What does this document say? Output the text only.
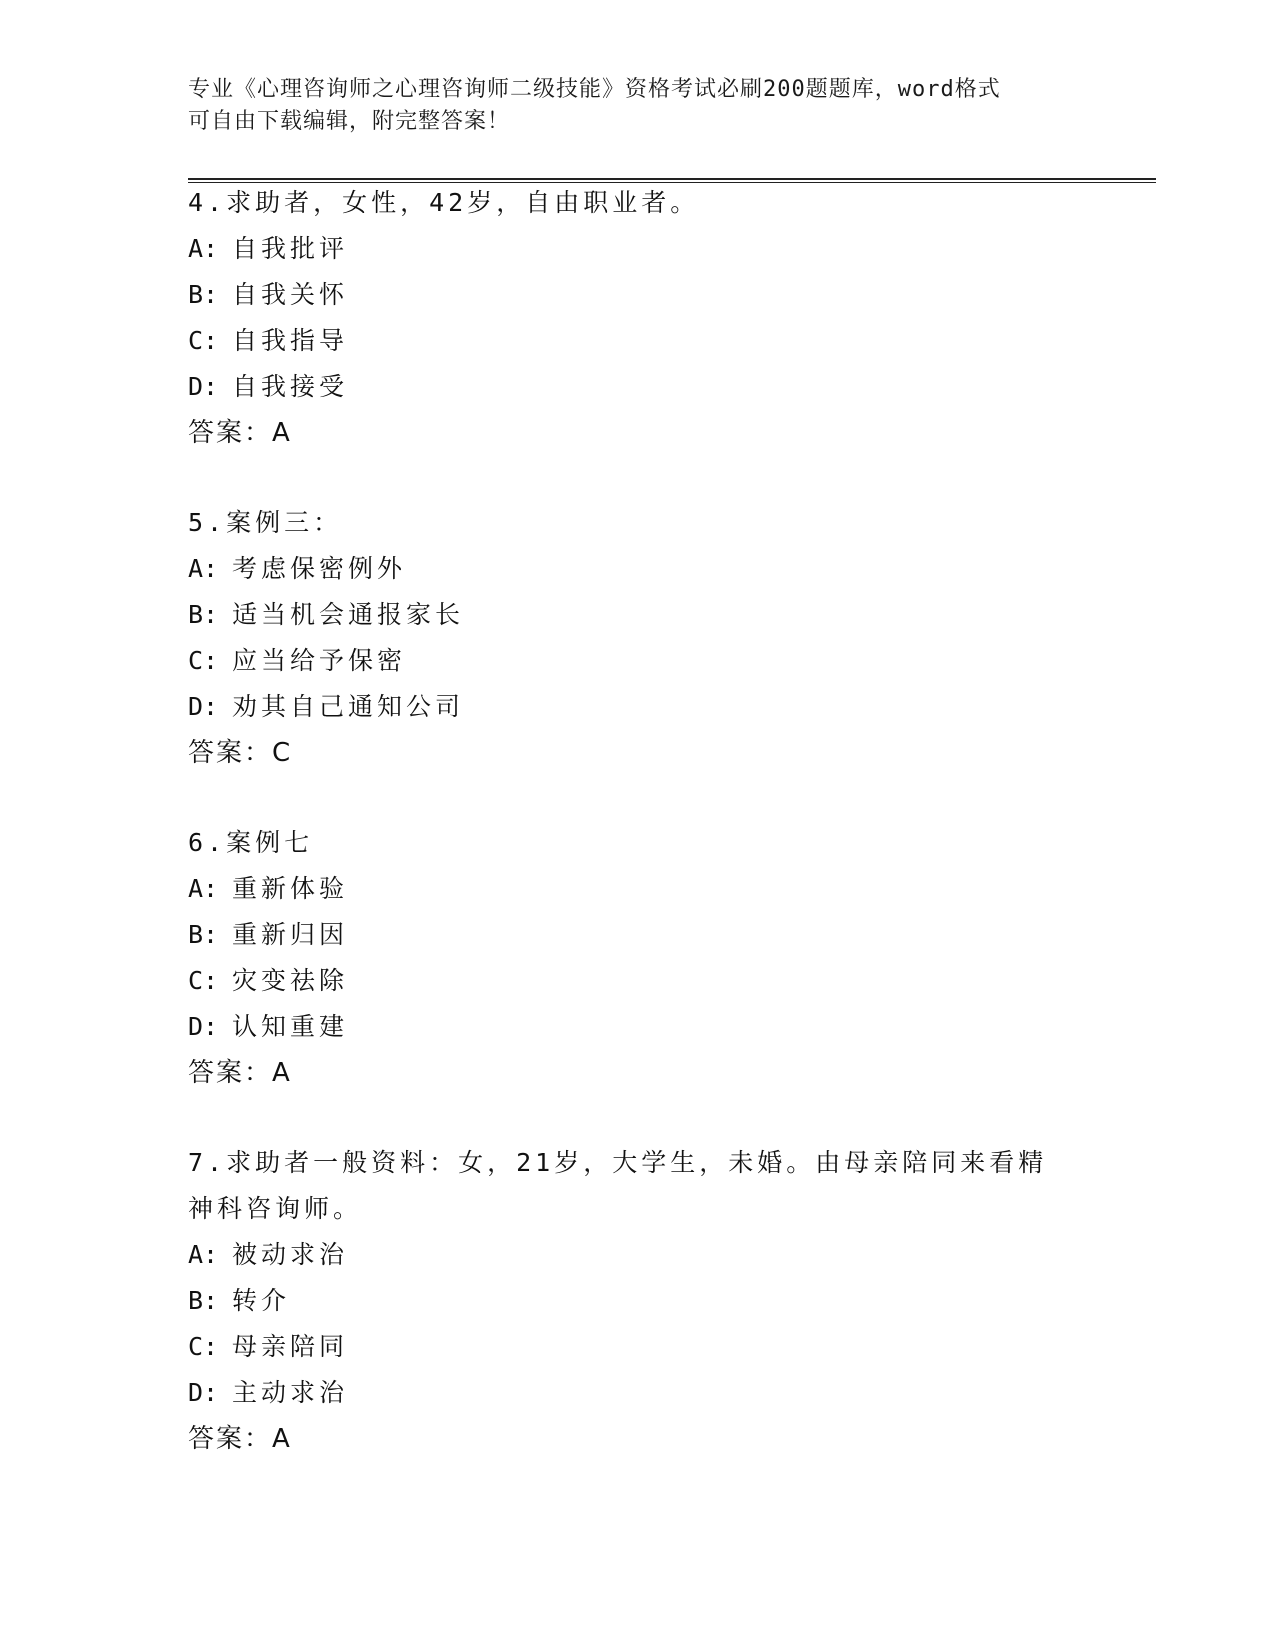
专业《心理咨询师之心理咨询师二级技能》资格考试必刷200题题库，word格式
可自由下载编辑，附完整答案！
4.求助者，女性，42岁，自由职业者。
A: 自我批评
B: 自我关怀
C: 自我指导
D: 自我接受
答案：A
5.案例三：
A: 考虑保密例外
B: 适当机会通报家长
C: 应当给予保密
D: 劝其自己通知公司
答案：C
6.案例七
A: 重新体验
B: 重新归因
C: 灾变祛除
D: 认知重建
答案：A
7.求助者一般资料：女，21岁，大学生，未婚。由母亲陪同来看精神科咨询师。
A: 被动求治
B: 转介
C: 母亲陪同
D: 主动求治
答案：A
